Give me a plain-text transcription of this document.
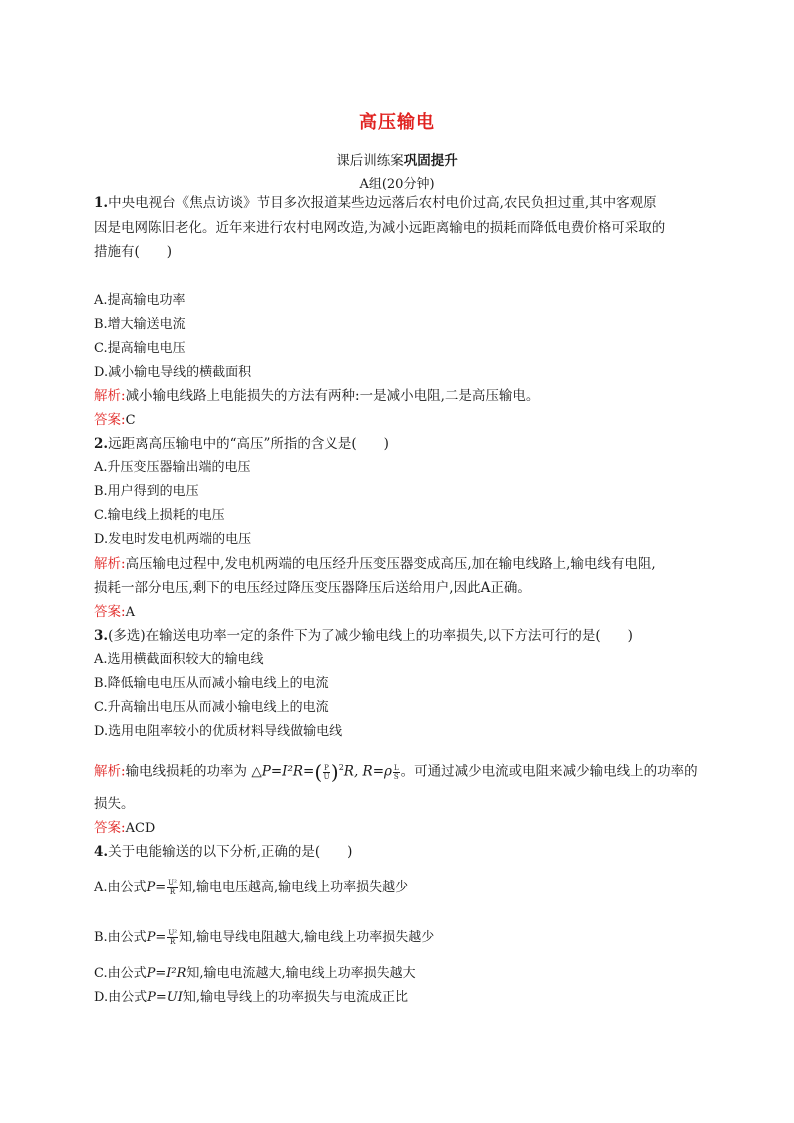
高压输电
课后训练案巩固提升
A组(20分钟)
1.中央电视台《焦点访谈》节目多次报道某些边远落后农村电价过高,农民负担过重,其中客观原
因是电网陈旧老化。近年来进行农村电网改造,为减小远距离输电的损耗而降低电费价格可采取的
措施有(　　)
A.提高输电功率
B.增大输送电流
C.提高输电电压
D.减小输电导线的横截面积
解析:减小输电线路上电能损失的方法有两种:一是减小电阻,二是高压输电。
答案:C
2.远距离高压输电中的“高压”所指的含义是(　　)
A.升压变压器输出端的电压
B.用户得到的电压
C.输电线上损耗的电压
D.发电时发电机两端的电压
解析:高压输电过程中,发电机两端的电压经升压变压器变成高压,加在输电线路上,输电线有电阻,
损耗一部分电压,剩下的电压经过降压变压器降压后送给用户,因此A正确。
答案:A
3.(多选)在输送电功率一定的条件下为了减少输电线上的功率损失,以下方法可行的是(　　)
A.选用横截面积较大的输电线
B.降低输电电压从而减小输电线上的电流
C.升高输出电压从而减小输电线上的电流
D.选用电阻率较小的优质材料导线做输电线
解析:输电线损耗的功率为 △P=I²R=( $\frac{P}{U} )^2R$, $R=\rho \frac{L}{S}$ 。可通过减少电流或电阻来减少输电线上的功率的
损失。
答案:ACD
4.关于电能输送的以下分析,正确的是(　　)
A.由公式$P= \frac{\text{U²}}{R}$ 知,输电电压越高,输电线上功率损失越少
B.由公式$P= \frac{\text{U²}}{R}$ 知,输电导线电阻越大,输电线上功率损失越少
C.由公式P=I²R知,输电电流越大,输电线上功率损失越大
D.由公式P=UI知,输电导线上的功率损失与电流成正比
